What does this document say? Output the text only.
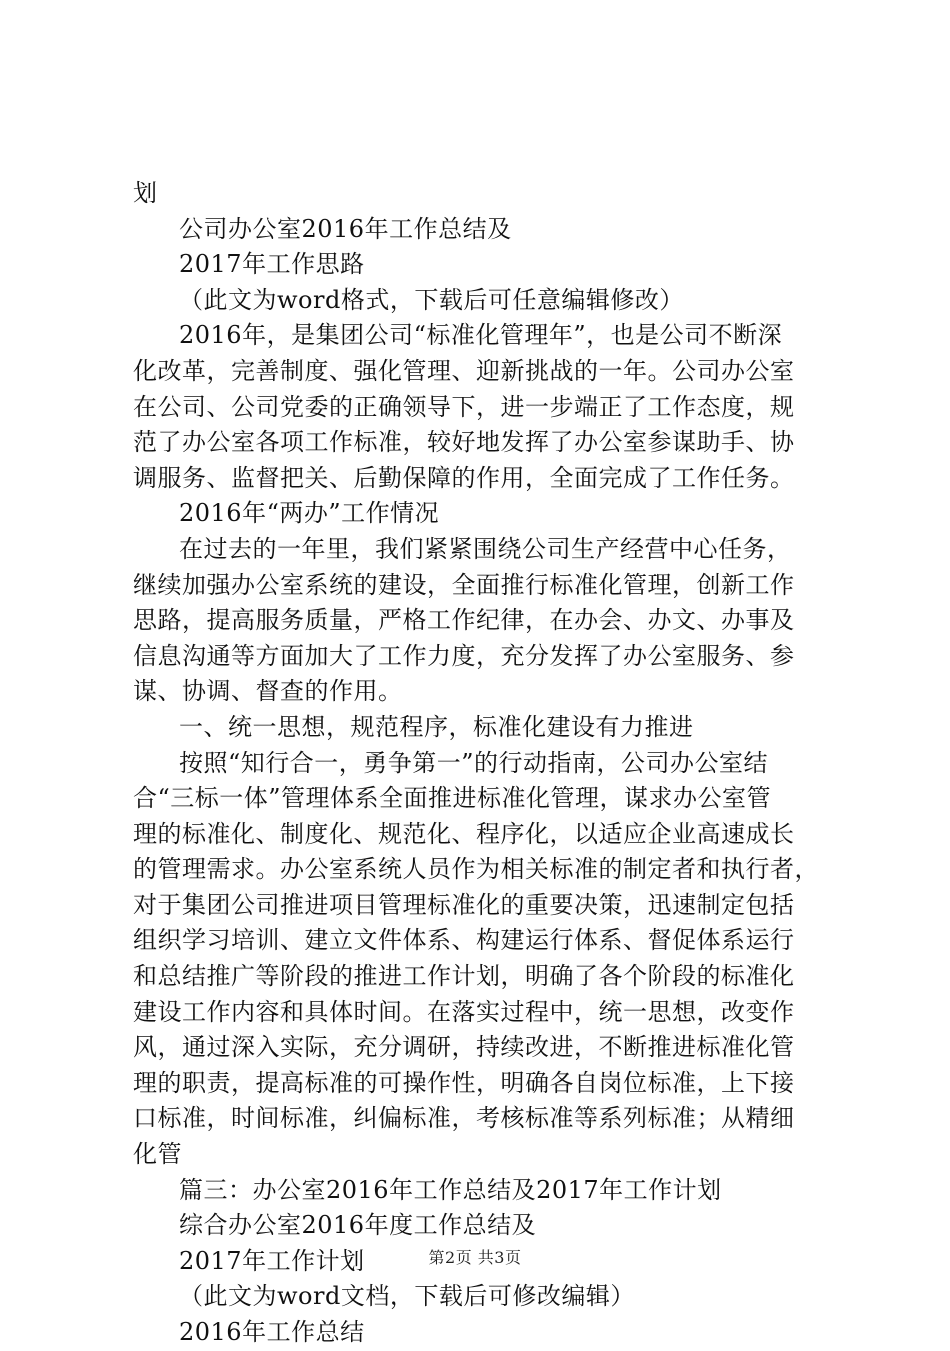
划
公司办公室2016年工作总结及
2017年工作思路
（此文为word格式，下载后可任意编辑修改）
2016年，是集团公司“标准化管理年”，也是公司不断深
化改革，完善制度、强化管理、迎新挑战的一年。公司办公室
在公司、公司党委的正确领导下，进一步端正了工作态度，规
范了办公室各项工作标准，较好地发挥了办公室参谋助手、协
调服务、监督把关、后勤保障的作用，全面完成了工作任务。
2016年“两办”工作情况
在过去的一年里，我们紧紧围绕公司生产经营中心任务，
继续加强办公室系统的建设，全面推行标准化管理，创新工作
思路，提高服务质量，严格工作纪律，在办会、办文、办事及
信息沟通等方面加大了工作力度，充分发挥了办公室服务、参
谋、协调、督查的作用。
一、统一思想，规范程序，标准化建设有力推进
按照“知行合一，勇争第一”的行动指南，公司办公室结
合“三标一体”管理体系全面推进标准化管理，谋求办公室管
理的标准化、制度化、规范化、程序化，以适应企业高速成长
的管理需求。办公室系统人员作为相关标准的制定者和执行者，
对于集团公司推进项目管理标准化的重要决策，迅速制定包括
组织学习培训、建立文件体系、构建运行体系、督促体系运行
和总结推广等阶段的推进工作计划，明确了各个阶段的标准化
建设工作内容和具体时间。在落实过程中，统一思想，改变作
风，通过深入实际，充分调研，持续改进，不断推进标准化管
理的职责，提高标准的可操作性，明确各自岗位标准，上下接
口标准，时间标准，纠偏标准，考核标准等系列标准；从精细
化管
篇三：办公室2016年工作总结及2017年工作计划
综合办公室2016年度工作总结及
2017年工作计划
（此文为word文档，下载后可修改编辑）
2016年工作总结
第2页 共3页
